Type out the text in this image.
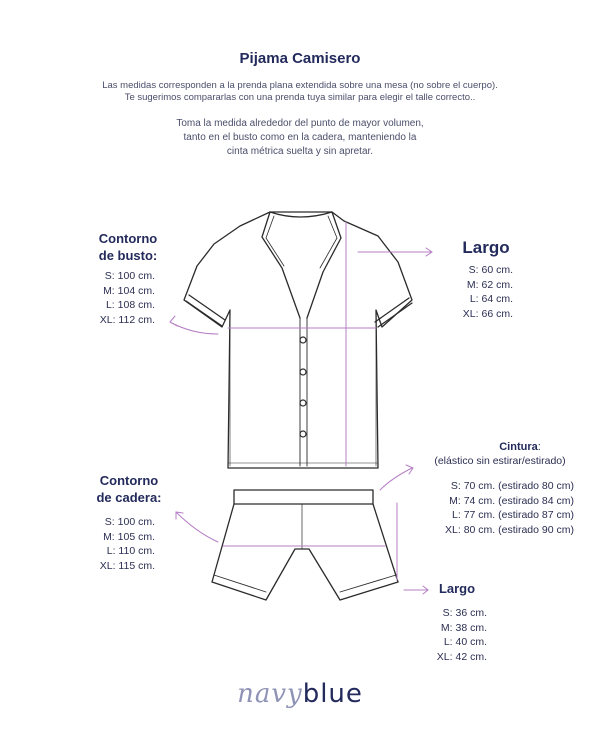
Pijama Camisero
Las medidas corresponden a la prenda plana extendida sobre una mesa (no sobre el cuerpo).
Te sugerimos compararlas con una prenda tuya similar para elegir el talle correcto..
Toma la medida alrededor del punto de mayor volumen,
tanto en el busto como en la cadera, manteniendo la
cinta métrica suelta y sin apretar.
Contorno
de busto:
S: 100 cm.
M: 104 cm.
L: 108 cm.
XL: 112 cm.
Largo
S: 60 cm.
M: 62 cm.
L: 64 cm.
XL: 66 cm.
Cintura:
(elástico sin estirar/estirado)
S: 70 cm. (estirado 80 cm)
M: 74 cm. (estirado 84 cm)
L: 77 cm. (estirado 87 cm)
XL: 80 cm. (estirado 90 cm)
Contorno
de cadera:
S: 100 cm.
M: 105 cm.
L: 110 cm.
XL: 115 cm.
Largo
S: 36 cm.
M: 38 cm.
L: 40 cm.
XL: 42 cm.
navyblue
